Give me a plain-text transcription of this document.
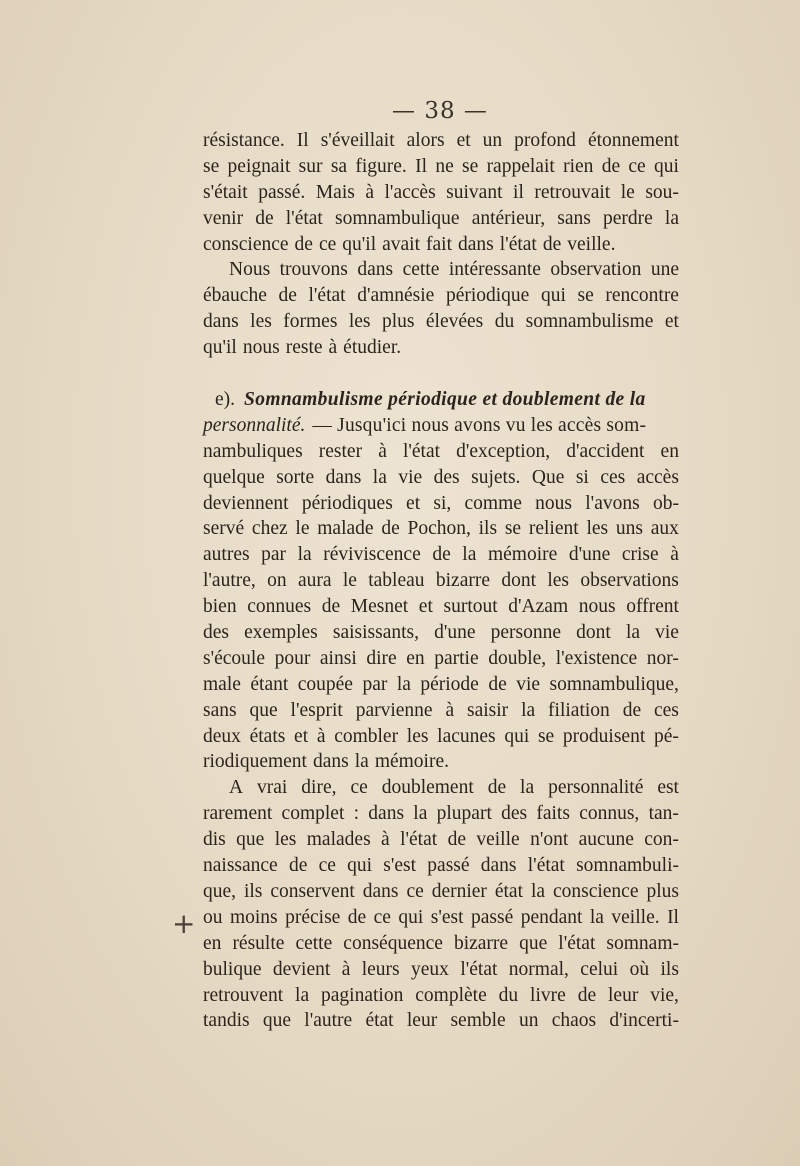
— 38 —
résistance. Il s'éveillait alors et un profond étonnement
se peignait sur sa figure. Il ne se rappelait rien de ce qui
s'était passé. Mais à l'accès suivant il retrouvait le sou-
venir de l'état somnambulique antérieur, sans perdre la
conscience de ce qu'il avait fait dans l'état de veille.
Nous trouvons dans cette intéressante observation une
ébauche de l'état d'amnésie périodique qui se rencontre
dans les formes les plus élevées du somnambulisme et
qu'il nous reste à étudier.
e). Somnambulisme périodique et doublement de la
personnalité. — Jusqu'ici nous avons vu les accès som-
nambuliques rester à l'état d'exception, d'accident en
quelque sorte dans la vie des sujets. Que si ces accès
deviennent périodiques et si, comme nous l'avons ob-
servé chez le malade de Pochon, ils se relient les uns aux
autres par la réviviscence de la mémoire d'une crise à
l'autre, on aura le tableau bizarre dont les observations
bien connues de Mesnet et surtout d'Azam nous offrent
des exemples saisissants, d'une personne dont la vie
s'écoule pour ainsi dire en partie double, l'existence nor-
male étant coupée par la période de vie somnambulique,
sans que l'esprit parvienne à saisir la filiation de ces
deux états et à combler les lacunes qui se produisent pé-
riodiquement dans la mémoire.
A vrai dire, ce doublement de la personnalité est
rarement complet : dans la plupart des faits connus, tan-
dis que les malades à l'état de veille n'ont aucune con-
naissance de ce qui s'est passé dans l'état somnambuli-
que, ils conservent dans ce dernier état la conscience plus
ou moins précise de ce qui s'est passé pendant la veille. Il
en résulte cette conséquence bizarre que l'état somnam-
bulique devient à leurs yeux l'état normal, celui où ils
retrouvent la pagination complète du livre de leur vie,
tandis que l'autre état leur semble un chaos d'incerti-
+
